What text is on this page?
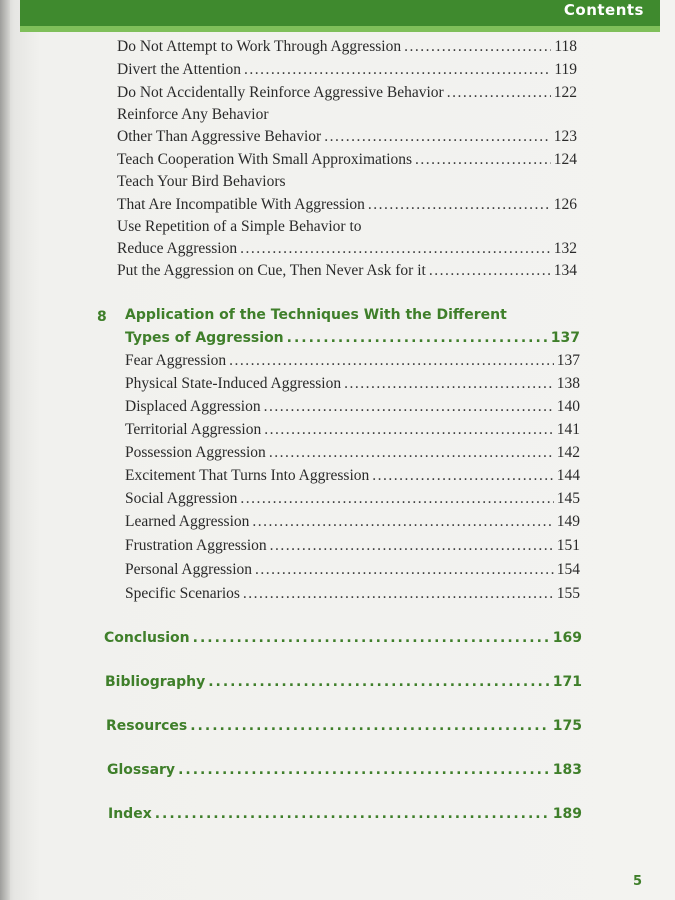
Contents
Do Not Attempt to Work Through Aggression .....	118
Divert the Attention .....	119
Do Not Accidentally Reinforce Aggressive Behavior .....	122
Reinforce Any Behavior
Other Than Aggressive Behavior .....	123
Teach Cooperation With Small Approximations .....	124
Teach Your Bird Behaviors
That Are Incompatible With Aggression .....	126
Use Repetition of a Simple Behavior to
Reduce Aggression .....	132
Put the Aggression on Cue, Then Never Ask for it .....	134
8 Application of the Techniques With the Different
Types of Aggression .....	137
Fear Aggression .....	137
Physical State-Induced Aggression .....	138
Displaced Aggression .....	140
Territorial Aggression .....	141
Possession Aggression .....	142
Excitement That Turns Into Aggression .....	144
Social Aggression .....	145
Learned Aggression .....	149
Frustration Aggression .....	151
Personal Aggression .....	154
Specific Scenarios .....	155
Conclusion .....	169
Bibliography .....	171
Resources .....	175
Glossary .....	183
Index .....	189
5
